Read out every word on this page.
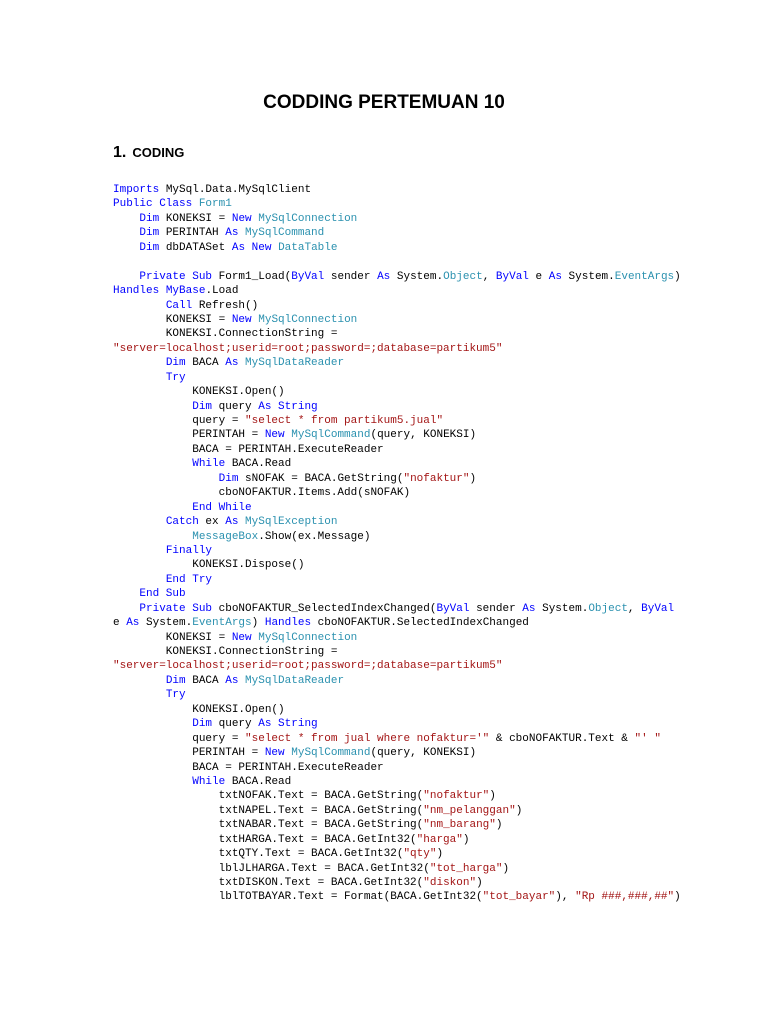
CODDING PERTEMUAN 10
1. CODING
Imports MySql.Data.MySqlClient
Public Class Form1
Dim KONEKSI = New MySqlConnection
Dim PERINTAH As MySqlCommand
Dim dbDATASet As New DataTable

Private Sub Form1_Load(ByVal sender As System.Object, ByVal e As System.EventArgs)
Handles MyBase.Load
Call Refresh()
KONEKSI = New MySqlConnection
KONEKSI.ConnectionString =
"server=localhost;userid=root;password=;database=partikum5"
Dim BACA As MySqlDataReader
Try
KONEKSI.Open()
Dim query As String
query = "select * from partikum5.jual"
PERINTAH = New MySqlCommand(query, KONEKSI)
BACA = PERINTAH.ExecuteReader
While BACA.Read
Dim sNOFAK = BACA.GetString("nofaktur")
cboNOFAKTUR.Items.Add(sNOFAK)
End While
Catch ex As MySqlException
MessageBox.Show(ex.Message)
Finally
KONEKSI.Dispose()
End Try
End Sub
Private Sub cboNOFAKTUR_SelectedIndexChanged(ByVal sender As System.Object, ByVal
e As System.EventArgs) Handles cboNOFAKTUR.SelectedIndexChanged
KONEKSI = New MySqlConnection
KONEKSI.ConnectionString =
"server=localhost;userid=root;password=;database=partikum5"
Dim BACA As MySqlDataReader
Try
KONEKSI.Open()
Dim query As String
query = "select * from jual where nofaktur='" & cboNOFAKTUR.Text & "' "
PERINTAH = New MySqlCommand(query, KONEKSI)
BACA = PERINTAH.ExecuteReader
While BACA.Read
txtNOFAK.Text = BACA.GetString("nofaktur")
txtNAPEL.Text = BACA.GetString("nm_pelanggan")
txtNABAR.Text = BACA.GetString("nm_barang")
txtHARGA.Text = BACA.GetInt32("harga")
txtQTY.Text = BACA.GetInt32("qty")
lblJLHARGA.Text = BACA.GetInt32("tot_harga")
txtDISKON.Text = BACA.GetInt32("diskon")
lblTOTBAYAR.Text = Format(BACA.GetInt32("tot_bayar"), "Rp ###,###,##")
